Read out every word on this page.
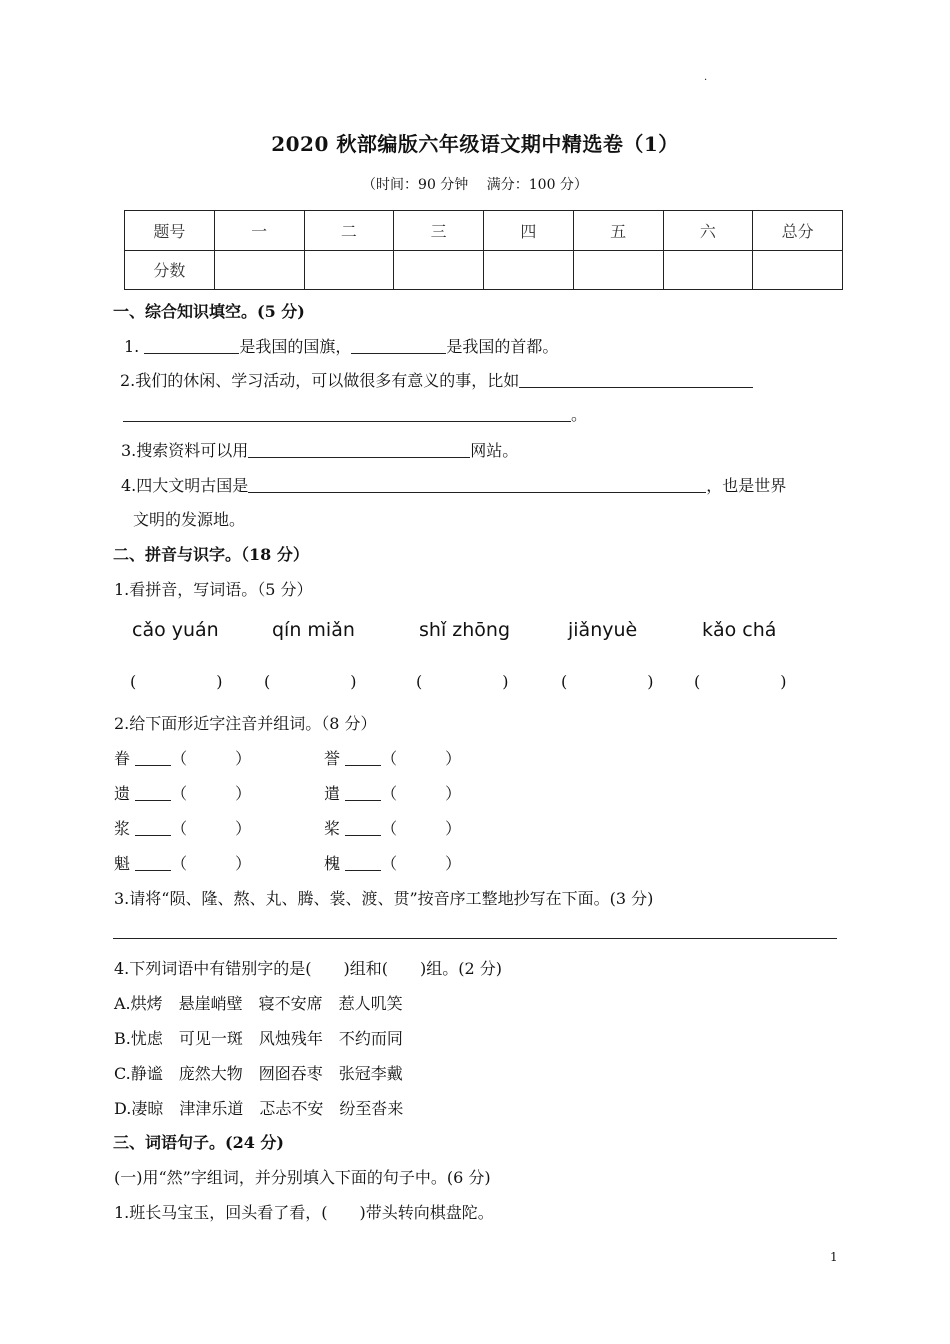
.
2020 秋部编版六年级语文期中精选卷（1）
（时间：90 分钟　 满分：100 分）
题号	一	二	三	四	五	六	总分
分数							
一、综合知识填空。(5 分)
1.	是我国的国旗，	是我国的首都。
2.我们的休闲、学习活动，可以做很多有意义的事，比如
。
3.搜索资料可以用	网站。
4.四大文明古国是	，也是世界
文明的发源地。
二、拼音与识字。（18 分）
1.看拼音，写词语。（5 分）
cǎo yuán	qín miǎn	shǐ zhōng	jiǎnyuè	kǎo chá
(	)	(	)	(	)	(	)	(	)
2.给下面形近字注音并组词。（8 分）
眷	（　　　）	誉	（　　　）
遗	（　　　）	遣	（　　　）
浆	（　　　）	桨	（　　　）
魁	（　　　）	槐	（　　　）
3.请将“陨、隆、熬、丸、腾、裳、渡、贯”按音序工整地抄写在下面。(3 分)
4.下列词语中有错别字的是(　　)组和(　　)组。(2 分)
A.烘烤　悬崖峭壁　寝不安席　惹人叽笑
B.忧虑　可见一斑　风烛残年　不约而同
C.静谧　庞然大物　囫囵吞枣　张冠李戴
D.凄晾　津津乐道　忑忐不安　纷至沓来
三、词语句子。(24 分)
(一)用“然”字组词，并分别填入下面的句子中。(6 分)
1.班长马宝玉，回头看了看，(　　)带头转向棋盘陀。
1
